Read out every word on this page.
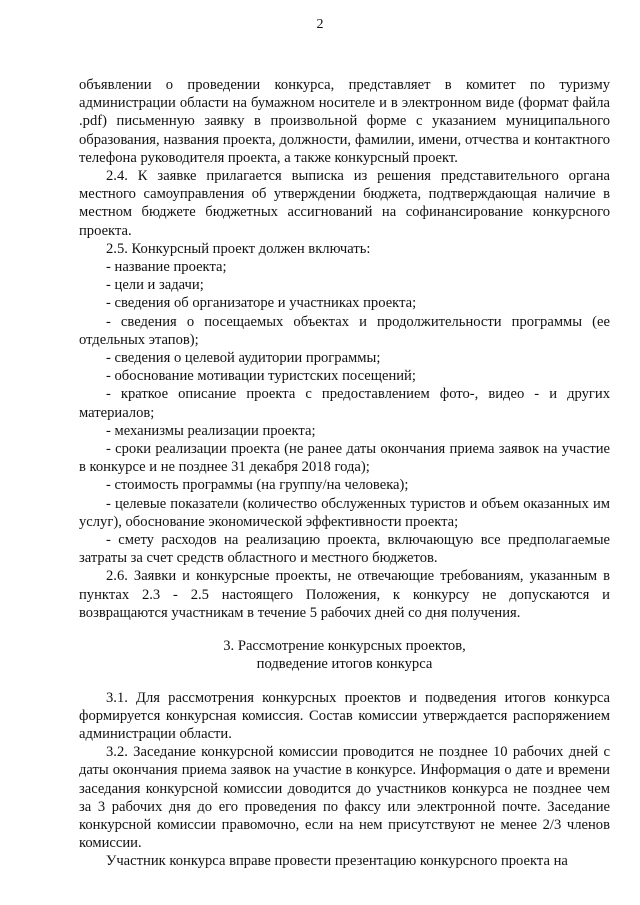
2

объявлении о проведении конкурса, представляет в комитет по туризму администрации области на бумажном носителе и в электронном виде (формат файла .pdf) письменную заявку в произвольной форме с указанием муниципального образования, названия проекта, должности, фамилии, имени, отчества и контактного телефона руководителя проекта, а также конкурсный проект.

2.4. К заявке прилагается выписка из решения представительного органа местного самоуправления об утверждении бюджета, подтверждающая наличие в местном бюджете бюджетных ассигнований на софинансирование конкурсного проекта.

2.5. Конкурсный проект должен включать:

- название проекта;

- цели и задачи;

- сведения об организаторе и участниках проекта;

- сведения о посещаемых объектах и продолжительности программы (ее отдельных этапов);

- сведения о целевой аудитории программы;

- обоснование мотивации туристских посещений;

- краткое описание проекта с предоставлением фото-, видео - и других материалов;

- механизмы реализации проекта;

- сроки реализации проекта (не ранее даты окончания приема заявок на участие в конкурсе и не позднее 31 декабря 2018 года);

- стоимость программы (на группу/на человека);

- целевые показатели (количество обслуженных туристов и объем оказанных им услуг), обоснование экономической эффективности проекта;

- смету расходов на реализацию проекта, включающую все предполагаемые затраты за счет средств областного и местного бюджетов.

2.6. Заявки и конкурсные проекты, не отвечающие требованиям, указанным в пунктах 2.3 - 2.5 настоящего Положения, к конкурсу не допускаются и возвращаются участникам в течение 5 рабочих дней со дня получения.

3. Рассмотрение конкурсных проектов,

подведение итогов конкурса

3.1. Для рассмотрения конкурсных проектов и подведения итогов конкурса формируется конкурсная комиссия. Состав комиссии утверждается распоряжением администрации области.

3.2. Заседание конкурсной комиссии проводится не позднее 10 рабочих дней с даты окончания приема заявок на участие в конкурсе. Информация о дате и времени заседания конкурсной комиссии доводится до участников конкурса не позднее чем за 3 рабочих дня до его проведения по факсу или электронной почте. Заседание конкурсной комиссии правомочно, если на нем присутствуют не менее 2/3 членов комиссии.

Участник конкурса вправе провести презентацию конкурсного проекта на
